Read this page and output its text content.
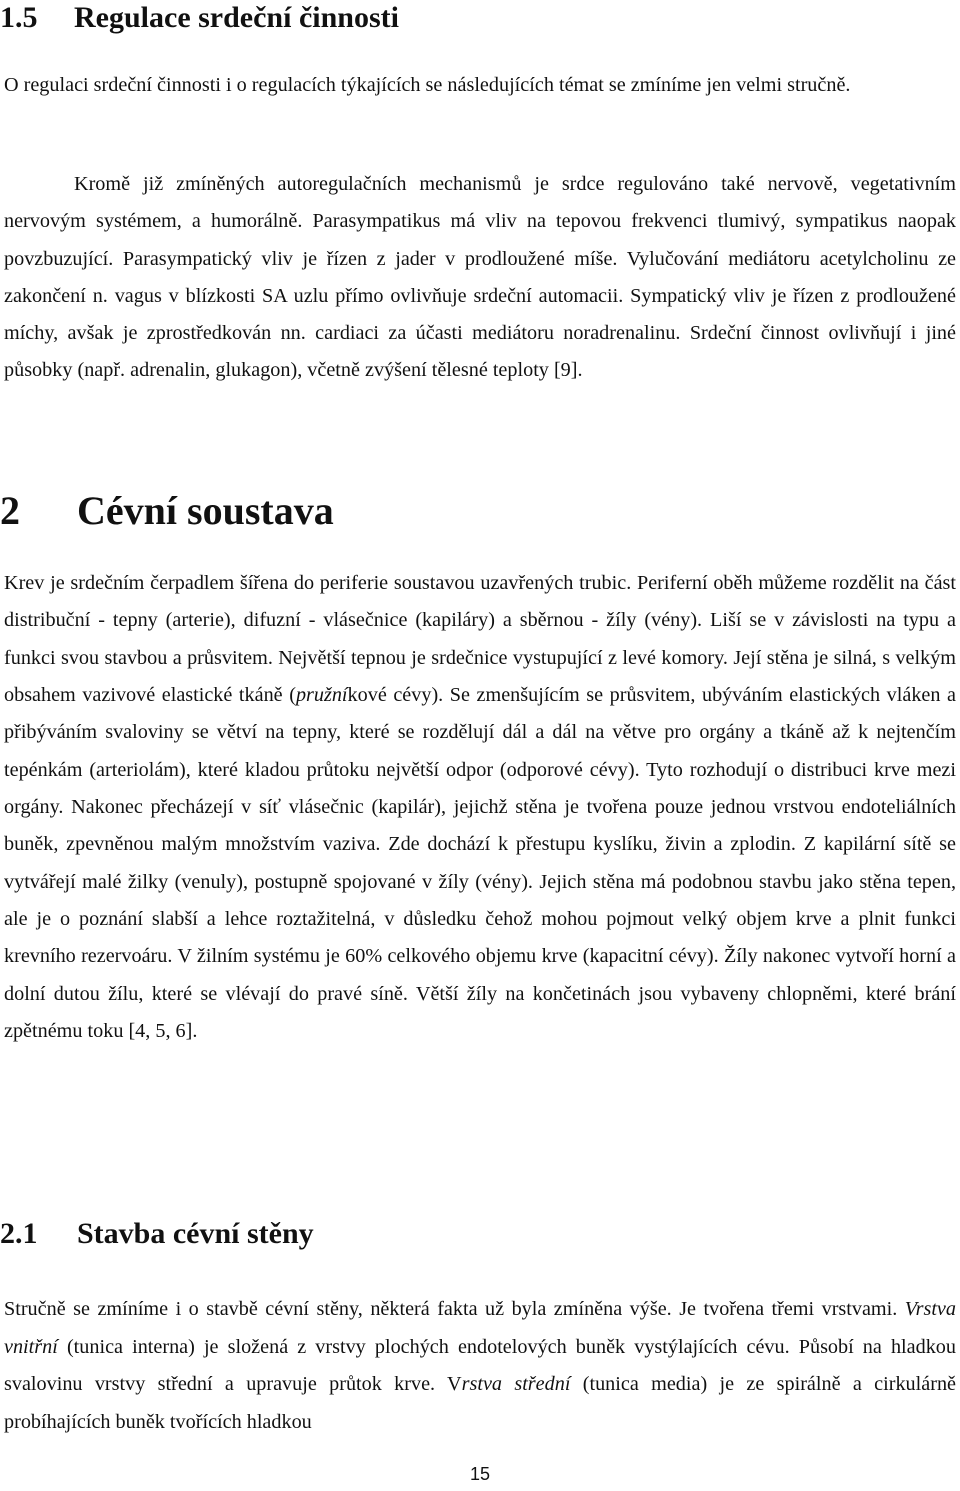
1.5 Regulace srdeční činnosti

O regulaci srdeční činnosti i o regulacích týkajících se následujících témat se zmíníme jen velmi stručně.

Kromě již zmíněných autoregulačních mechanismů je srdce regulováno také nervově, vegetativním nervovým systémem, a humorálně. Parasympatikus má vliv na tepovou frekvenci tlumivý, sympatikus naopak povzbuzující. Parasympatický vliv je řízen z jader v prodloužené míše. Vylučování mediátoru acetylcholinu ze zakončení n. vagus v blízkosti SA uzlu přímo ovlivňuje srdeční automacii. Sympatický vliv je řízen z prodloužené míchy, avšak je zprostředkován nn. cardiaci za účasti mediátoru noradrenalinu. Srdeční činnost ovlivňují i jiné působky (např. adrenalin, glukagon), včetně zvýšení tělesné teploty [9].

2 Cévní soustava

Krev je srdečním čerpadlem šířena do periferie soustavou uzavřených trubic. Periferní oběh můžeme rozdělit na část distribuční - tepny (arterie), difuzní - vlásečnice (kapiláry) a sběrnou - žíly (vény). Liší se v závislosti na typu a funkci svou stavbou a průsvitem. Největší tepnou je srdečnice vystupující z levé komory. Její stěna je silná, s velkým obsahem vazivové elastické tkáně (pružníkové cévy). Se zmenšujícím se průsvitem, ubýváním elastických vláken a přibýváním svaloviny se větví na tepny, které se rozdělují dál a dál na větve pro orgány a tkáně až k nejtenčím tepénkám (arteriolám), které kladou průtoku největší odpor (odporové cévy). Tyto rozhodují o distribuci krve mezi orgány. Nakonec přecházejí v síť vlásečnic (kapilár), jejichž stěna je tvořena pouze jednou vrstvou endoteliálních buněk, zpevněnou malým množstvím vaziva. Zde dochází k přestupu kyslíku, živin a zplodin. Z kapilární sítě se vytvářejí malé žilky (venuly), postupně spojované v žíly (vény). Jejich stěna má podobnou stavbu jako stěna tepen, ale je o poznání slabší a lehce roztažitelná, v důsledku čehož mohou pojmout velký objem krve a plnit funkci krevního rezervoáru. V žilním systému je 60% celkového objemu krve (kapacitní cévy). Žíly nakonec vytvoří horní a dolní dutou žílu, které se vlévají do pravé síně. Větší žíly na končetinách jsou vybaveny chlopněmi, které brání zpětnému toku [4, 5, 6].

2.1 Stavba cévní stěny

Stručně se zmíníme i o stavbě cévní stěny, některá fakta už byla zmíněna výše. Je tvořena třemi vrstvami. Vrstva vnitřní (tunica interna) je složená z vrstvy plochých endotelových buněk vystýlajících cévu. Působí na hladkou svalovinu vrstvy střední a upravuje průtok krve. Vrstva střední (tunica media) je ze spirálně a cirkulárně probíhajících buněk tvořících hladkou

15
